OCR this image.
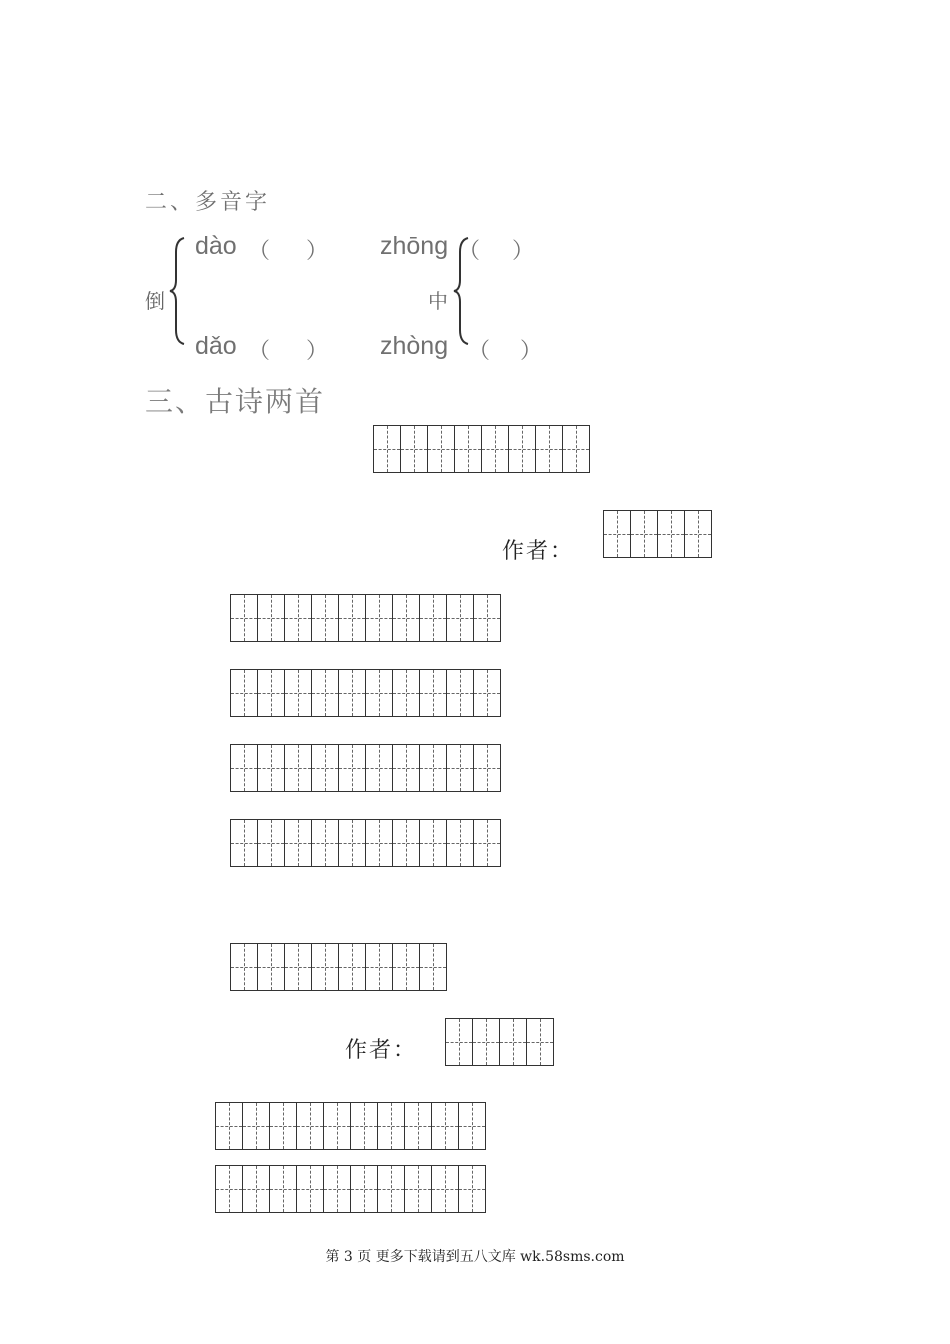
二、多音字
倒
dào （ ）
dǎo （ ）
zhōng （ ）
中
zhòng （ ）
三、古诗两首
作者：
作者：
第 3 页 更多下载请到五八文库 wk.58sms.com
